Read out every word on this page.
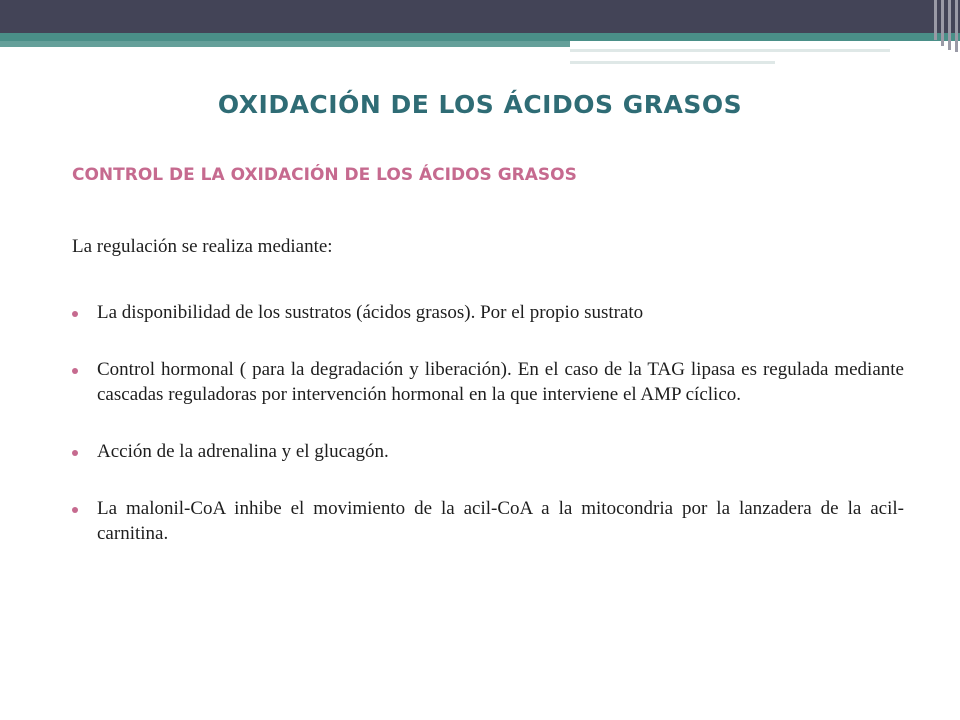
OXIDACIÓN DE LOS ÁCIDOS GRASOS
CONTROL DE LA OXIDACIÓN DE LOS ÁCIDOS GRASOS
La regulación se realiza mediante:
La disponibilidad de los sustratos (ácidos grasos). Por el propio sustrato
Control hormonal ( para la degradación y liberación). En el caso de la TAG lipasa es regulada mediante cascadas reguladoras por intervención hormonal en la que interviene el AMP cíclico.
Acción de la adrenalina y el glucagón.
La malonil-CoA inhibe el movimiento de la acil-CoA a la mitocondria por la lanzadera de la acil-carnitina.
